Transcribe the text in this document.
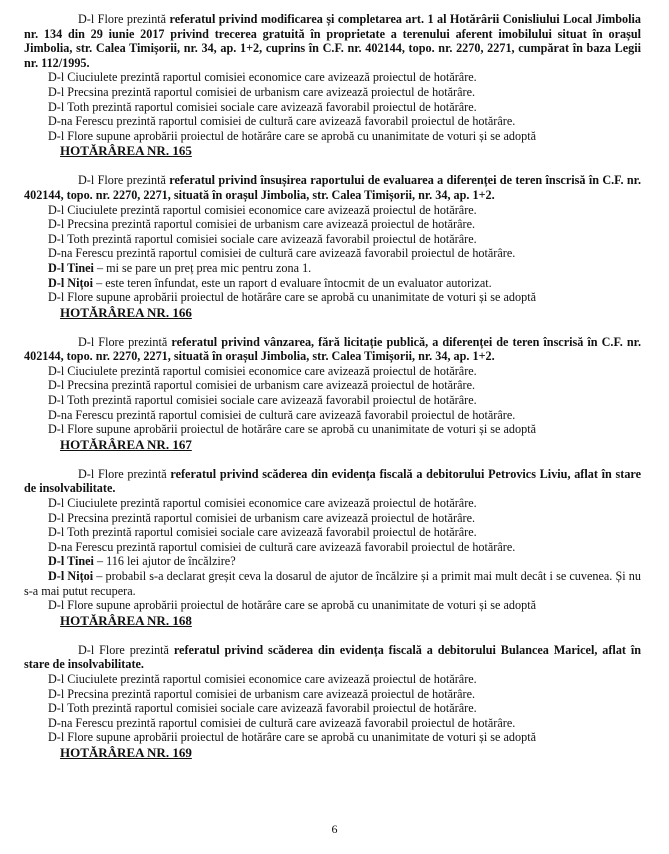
D-l Flore prezintă referatul privind modificarea și completarea art. 1 al Hotărârii Conisliului Local Jimbolia nr. 134 din 29 iunie 2017 privind trecerea gratuită în proprietate a terenului aferent imobilului situat în orașul Jimbolia, str. Calea Timișorii, nr. 34, ap. 1+2, cuprins în C.F. nr. 402144, topo. nr. 2270, 2271, cumpărat în baza Legii nr. 112/1995.
D-l Ciuciulete prezintă raportul comisiei economice care avizează proiectul de hotărâre.
D-l Precsina prezintă raportul comisiei de urbanism care avizează proiectul de hotărâre.
D-l Toth prezintă raportul comisiei sociale care avizează favorabil proiectul de hotărâre.
D-na Ferescu prezintă raportul comisiei de cultură care avizează favorabil proiectul de hotărâre.
D-l Flore supune aprobării proiectul de hotărâre care se aprobă cu unanimitate de voturi și se adoptă
HOTĂRÂREA NR. 165
D-l Flore prezintă referatul privind însușirea raportului de evaluarea a diferenței de teren înscrisă în C.F. nr. 402144, topo. nr. 2270, 2271, situată în orașul Jimbolia, str. Calea Timișorii, nr. 34, ap. 1+2.
D-l Ciuciulete prezintă raportul comisiei economice care avizează proiectul de hotărâre.
D-l Precsina prezintă raportul comisiei de urbanism care avizează proiectul de hotărâre.
D-l Toth prezintă raportul comisiei sociale care avizează favorabil proiectul de hotărâre.
D-na Ferescu prezintă raportul comisiei de cultură care avizează favorabil proiectul de hotărâre.
D-l Tinei – mi se pare un preț prea mic pentru zona 1.
D-l Nițoi – este teren înfundat, este un raport d evaluare întocmit de un evaluator autorizat.
D-l Flore supune aprobării proiectul de hotărâre care se aprobă cu unanimitate de voturi și se adoptă
HOTĂRÂREA NR. 166
D-l Flore prezintă referatul privind vânzarea, fără licitație publică, a diferenței de teren înscrisă în C.F. nr. 402144, topo. nr. 2270, 2271, situată în orașul Jimbolia, str. Calea Timișorii, nr. 34, ap. 1+2.
D-l Ciuciulete prezintă raportul comisiei economice care avizează proiectul de hotărâre.
D-l Precsina prezintă raportul comisiei de urbanism care avizează proiectul de hotărâre.
D-l Toth prezintă raportul comisiei sociale care avizează favorabil proiectul de hotărâre.
D-na Ferescu prezintă raportul comisiei de cultură care avizează favorabil proiectul de hotărâre.
D-l Flore supune aprobării proiectul de hotărâre care se aprobă cu unanimitate de voturi și se adoptă
HOTĂRÂREA NR. 167
D-l Flore prezintă referatul privind scăderea din evidența fiscală a debitorului Petrovics Liviu, aflat în stare de insolvabilitate.
D-l Ciuciulete prezintă raportul comisiei economice care avizează proiectul de hotărâre.
D-l Precsina prezintă raportul comisiei de urbanism care avizează proiectul de hotărâre.
D-l Toth prezintă raportul comisiei sociale care avizează favorabil proiectul de hotărâre.
D-na Ferescu prezintă raportul comisiei de cultură care avizează favorabil proiectul de hotărâre.
D-l Tinei – 116 lei ajutor de încălzire?
D-l Nițoi – probabil s-a declarat greșit ceva la dosarul de ajutor de încălzire și a primit mai mult decât i se cuvenea. Și nu s-a mai putut recupera.
D-l Flore supune aprobării proiectul de hotărâre care se aprobă cu unanimitate de voturi și se adoptă
HOTĂRÂREA NR. 168
D-l Flore prezintă referatul privind scăderea din evidența fiscală a debitorului Bulancea Maricel, aflat în stare de insolvabilitate.
D-l Ciuciulete prezintă raportul comisiei economice care avizează proiectul de hotărâre.
D-l Precsina prezintă raportul comisiei de urbanism care avizează proiectul de hotărâre.
D-l Toth prezintă raportul comisiei sociale care avizează favorabil proiectul de hotărâre.
D-na Ferescu prezintă raportul comisiei de cultură care avizează favorabil proiectul de hotărâre.
D-l Flore supune aprobării proiectul de hotărâre care se aprobă cu unanimitate de voturi și se adoptă
HOTĂRÂREA NR. 169
6
